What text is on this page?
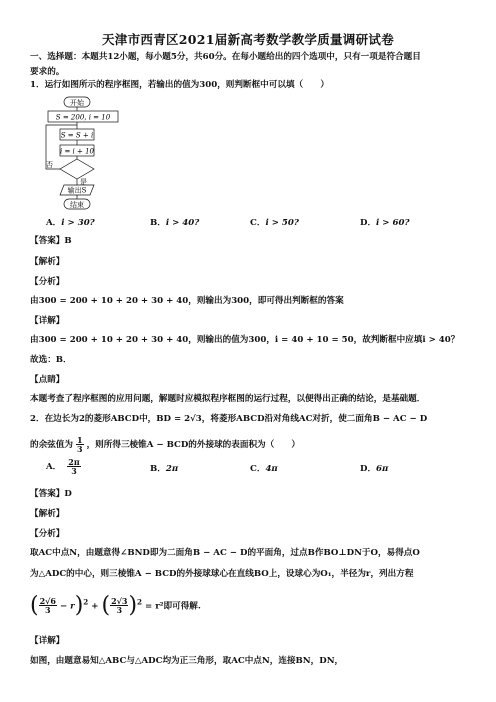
天津市西青区2021届新高考数学教学质量调研试卷
一、选择题：本题共12小题，每小题5分，共60分。在每小题给出的四个选项中，只有一项是符合题目
要求的。
1．运行如图所示的程序框图，若输出的值为300，则判断框中可以填（　　）
开始
S = 200, i = 10
S = S + i
i = i + 10
否
是
输出S
结束
A．i > 30?	B．i > 40?	C．i > 50?	D．i > 60?
【答案】B
【解析】
【分析】
由300 = 200 + 10 + 20 + 30 + 40，则输出为300，即可得出判断框的答案
【详解】
由300 = 200 + 10 + 20 + 30 + 40，则输出的值为300，i = 40 + 10 = 50，故判断框中应填i > 40？
故选：B．
【点睛】
本题考查了程序框图的应用问题，解题时应模拟程序框图的运行过程，以便得出正确的结论，是基础题．
2．在边长为2的菱形ABCD中，BD = 2√3，将菱形ABCD沿对角线AC对折，使二面角B − AC − D
的余弦值为 $\frac{1}{3}$ ，则所得三棱锥A − BCD的外接球的表面积为（　　）
A． $\frac{2\pi}{3}$	B．2π	C．4π	D．6π
【答案】D
【解析】
【分析】
取AC中点N，由题意得∠BND即为二面角B − AC − D的平面角，过点B作BO⊥DN于O，易得点O
为△ADC的中心，则三棱锥A − BCD的外接球球心在直线BO上，设球心为O₁，半径为r，列出方程
( $\frac{2√6}{3} - r)^2$ + ( $\frac{2√3}{3} )^2 = r^2$即可得解.
【详解】
如图，由题意易知△ABC与△ADC均为正三角形，取AC中点N，连接BN，DN，
